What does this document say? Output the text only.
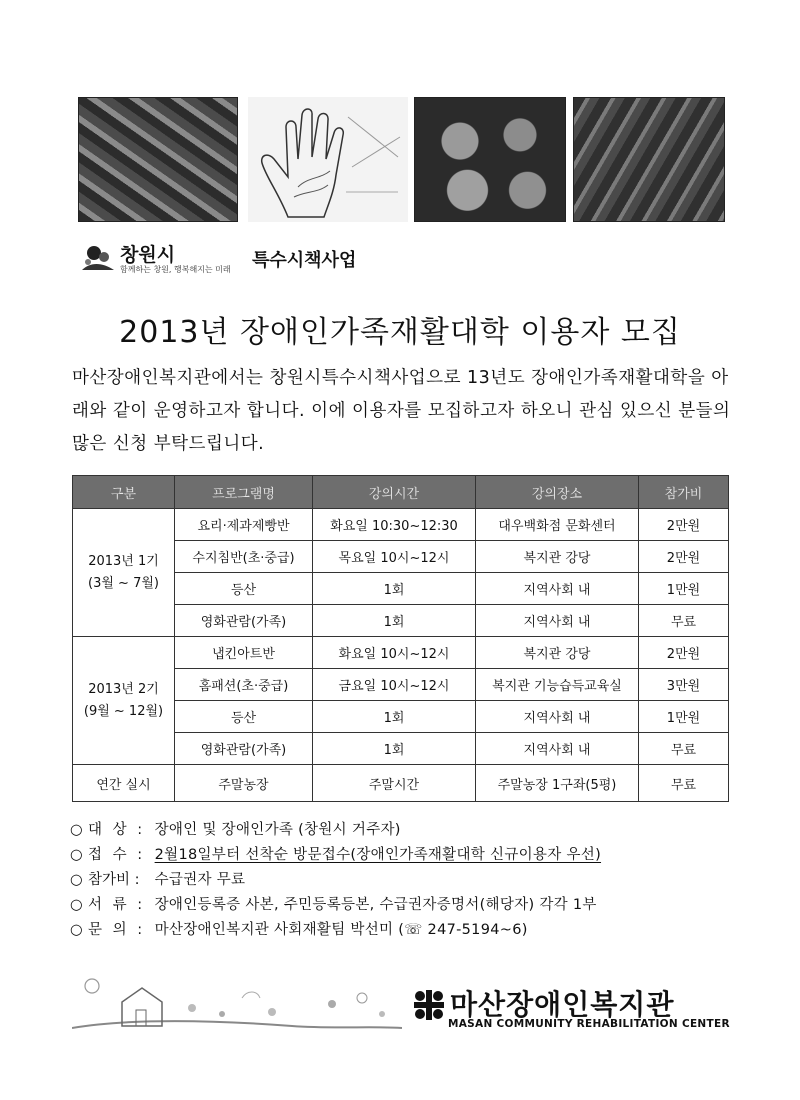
창원시
함께하는 창원, 행복해지는 미래 특수시책사업
2013년 장애인가족재활대학 이용자 모집

마산장애인복지관에서는 창원시특수시책사업으로 13년도 장애인가족재활대학을 아래와 같이 운영하고자 합니다. 이에 이용자를 모집하고자 하오니 관심 있으신 분들의 많은 신청 부탁드립니다.

구분	프로그램명	강의시간	강의장소	참가비
2013년 1기
(3월 ~ 7월)	요리·제과제빵반	화요일 10:30~12:30	대우백화점 문화센터	2만원
	수지침반(초·중급)	목요일 10시~12시	복지관 강당	2만원
	등산	1회	지역사회 내	1만원
	영화관람(가족)	1회	지역사회 내	무료
2013년 2기
(9월 ~ 12월)	냅킨아트반	화요일 10시~12시	복지관 강당	2만원
	홈패션(초·중급)	금요일 10시~12시	복지관 기능습득교육실	3만원
	등산	1회	지역사회 내	1만원
	영화관람(가족)	1회	지역사회 내	무료
연간 실시	주말농장	주말시간	주말농장 1구좌(5평)	무료
○ 대 상 : 장애인 및 장애인가족 (창원시 거주자)
○ 접 수 : 2월18일부터 선착순 방문접수(장애인가족재활대학 신규이용자 우선)
○ 참가비 : 수급권자 무료
○ 서 류 : 장애인등록증 사본, 주민등록등본, 수급권자증명서(해당자) 각각 1부
○ 문 의 : 마산장애인복지관 사회재활팀 박선미 (☏ 247-5194~6)
마산장애인복지관
MASAN COMMUNITY REHABILITATION CENTER
